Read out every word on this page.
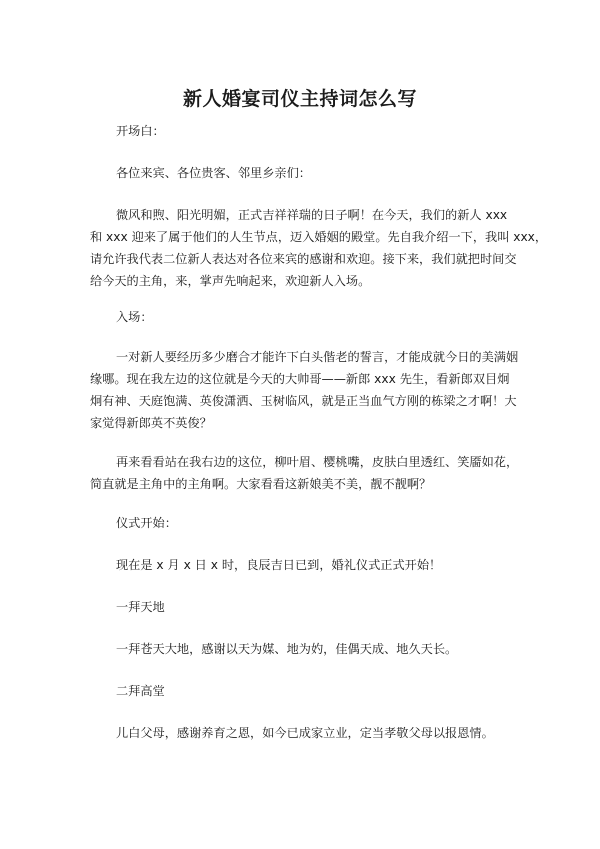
新人婚宴司仪主持词怎么写
开场白：
各位来宾、各位贵客、邻里乡亲们：
微风和煦、阳光明媚，正式吉祥祥瑞的日子啊！在今天，我们的新人 xxx
和 xxx 迎来了属于他们的人生节点，迈入婚姻的殿堂。先自我介绍一下，我叫 xxx，
请允许我代表二位新人表达对各位来宾的感谢和欢迎。接下来，我们就把时间交
给今天的主角，来，掌声先响起来，欢迎新人入场。
入场：
一对新人要经历多少磨合才能许下白头偕老的誓言，才能成就今日的美满姻
缘哪。现在我左边的这位就是今天的大帅哥——新郎 xxx 先生，看新郎双目炯
炯有神、天庭饱满、英俊潇洒、玉树临风，就是正当血气方刚的栋梁之才啊！大
家觉得新郎英不英俊？
再来看看站在我右边的这位，柳叶眉、樱桃嘴，皮肤白里透红、笑靥如花，
简直就是主角中的主角啊。大家看看这新娘美不美，靓不靓啊？
仪式开始：
现在是 x 月 x 日 x 时，良辰吉日已到，婚礼仪式正式开始！
一拜天地
一拜苍天大地，感谢以天为媒、地为妁，佳偶天成、地久天长。
二拜高堂
儿白父母，感谢养育之恩，如今已成家立业，定当孝敬父母以报恩情。
